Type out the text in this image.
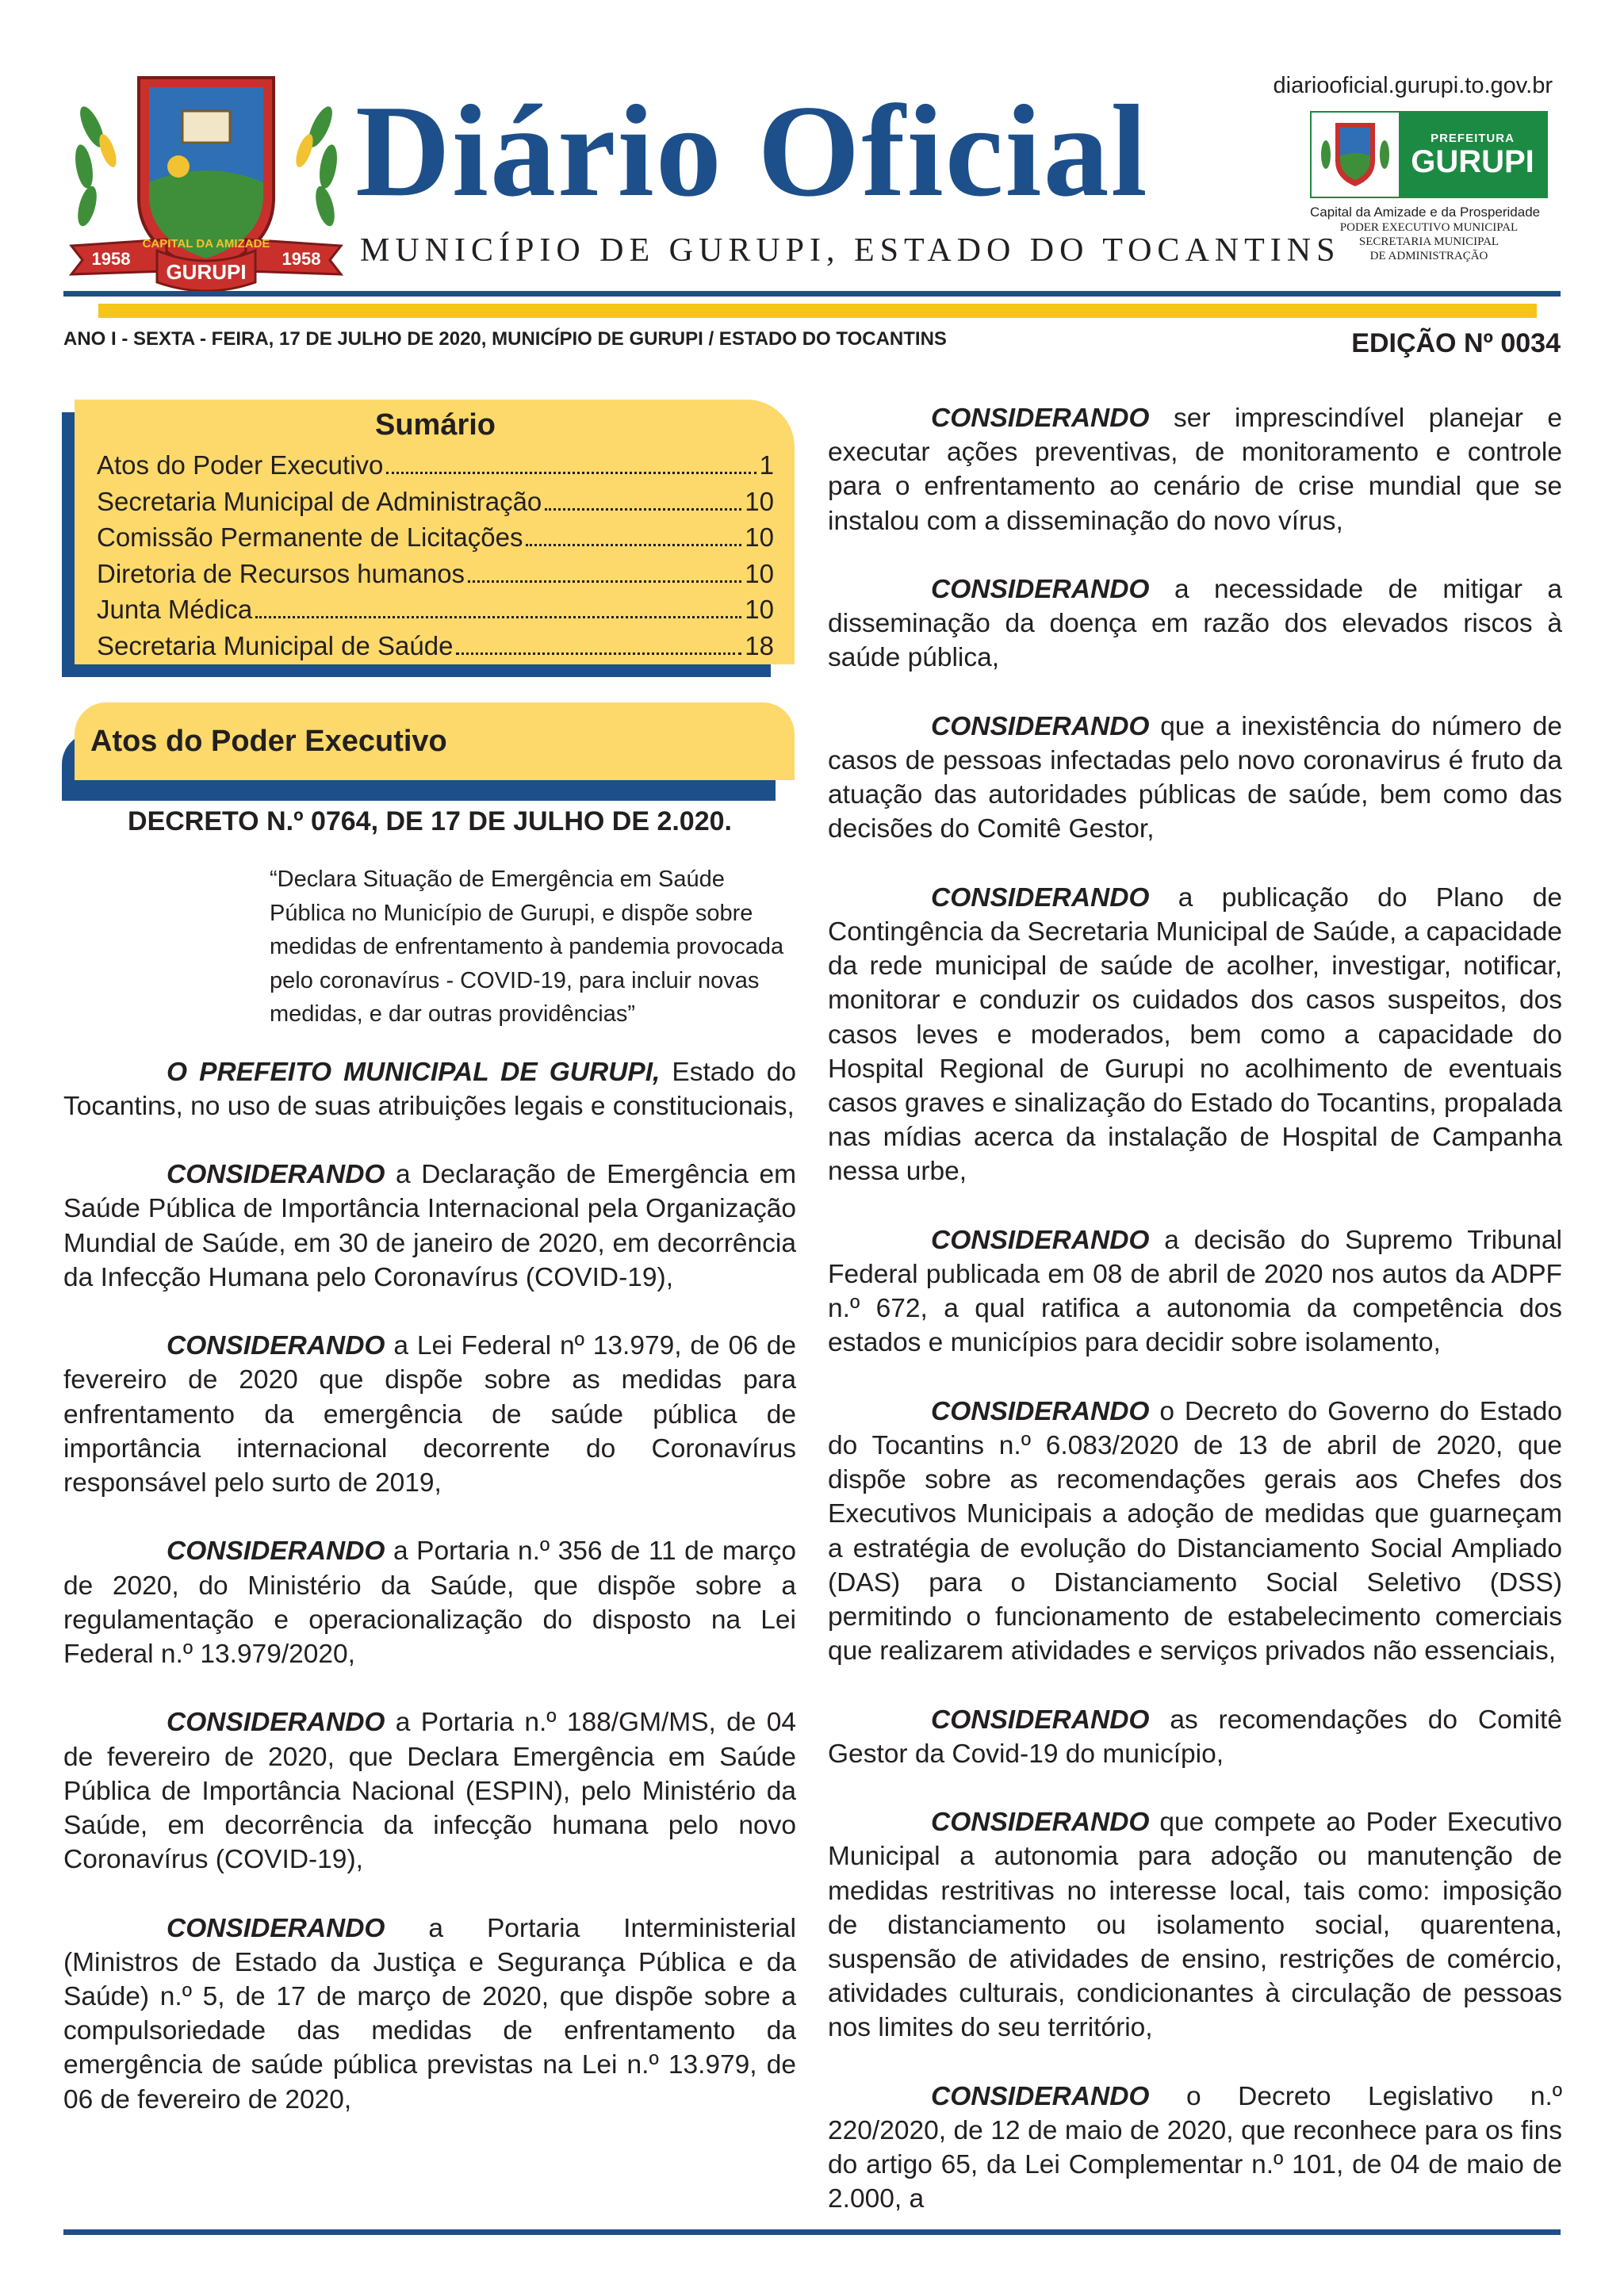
1958	1958
GURUPI
CAPITAL DA AMIZADE
diariooficial.gurupi.to.gov.br
Diário Oficial
MUNICÍPIO DE GURUPI, ESTADO DO TOCANTINS
PREFEITURA
GURUPI
Capital da Amizade e da Prosperidade
PODER EXECUTIVO MUNICIPAL
SECRETARIA MUNICIPAL
DE ADMINISTRAÇÃO
ANO I - SEXTA - FEIRA, 17 DE JULHO DE 2020, MUNICÍPIO DE GURUPI / ESTADO DO TOCANTINS	EDIÇÃO Nº 0034
Sumário
Atos do Poder Executivo	1
Secretaria Municipal de Administração	10
Comissão Permanente de Licitações	10
Diretoria de Recursos humanos	10
Junta Médica	10
Secretaria Municipal de Saúde	18
Atos do Poder Executivo
DECRETO N.º 0764, DE 17 DE JULHO DE 2.020.
“Declara Situação de Emergência em Saúde Pública no Município de Gurupi, e dispõe sobre medidas de enfrentamento à pandemia provocada pelo coronavírus - COVID-19, para incluir novas medidas, e dar outras providências”

O PREFEITO MUNICIPAL DE GURUPI, Estado do Tocantins, no uso de suas atribuições legais e constitucionais,

CONSIDERANDO a Declaração de Emergência em Saúde Pública de Importância Internacional pela Organização Mundial de Saúde, em 30 de janeiro de 2020, em decorrência da Infecção Humana pelo Coronavírus (COVID-19),

CONSIDERANDO a Lei Federal nº 13.979, de 06 de fevereiro de 2020 que dispõe sobre as medidas para enfrentamento da emergência de saúde pública de importância internacional decorrente do Coronavírus responsável pelo surto de 2019,

CONSIDERANDO a Portaria n.º 356 de 11 de março de 2020, do Ministério da Saúde, que dispõe sobre a regulamentação e operacionalização do disposto na Lei Federal n.º 13.979/2020,

CONSIDERANDO a Portaria n.º 188/GM/MS, de 04 de fevereiro de 2020, que Declara Emergência em Saúde Pública de Importância Nacional (ESPIN), pelo Ministério da Saúde, em decorrência da infecção humana pelo novo Coronavírus (COVID-19),

CONSIDERANDO a Portaria Interministerial (Ministros de Estado da Justiça e Segurança Pública e da Saúde) n.º 5, de 17 de março de 2020, que dispõe sobre a compulsoriedade das medidas de enfrentamento da emergência de saúde pública previstas na Lei n.º 13.979, de 06 de fevereiro de 2020,

CONSIDERANDO ser imprescindível planejar e executar ações preventivas, de monitoramento e controle para o enfrentamento ao cenário de crise mundial que se instalou com a disseminação do novo vírus,

CONSIDERANDO a necessidade de mitigar a disseminação da doença em razão dos elevados riscos à saúde pública,

CONSIDERANDO que a inexistência do número de casos de pessoas infectadas pelo novo coronavirus é fruto da atuação das autoridades públicas de saúde, bem como das decisões do Comitê Gestor,

CONSIDERANDO a publicação do Plano de Contingência da Secretaria Municipal de Saúde, a capacidade da rede municipal de saúde de acolher, investigar, notificar, monitorar e conduzir os cuidados dos casos suspeitos, dos casos leves e moderados, bem como a capacidade do Hospital Regional de Gurupi no acolhimento de eventuais casos graves e sinalização do Estado do Tocantins, propalada nas mídias acerca da instalação de Hospital de Campanha nessa urbe,

CONSIDERANDO a decisão do Supremo Tribunal Federal publicada em 08 de abril de 2020 nos autos da ADPF n.º 672, a qual ratifica a autonomia da competência dos estados e municípios para decidir sobre isolamento,

CONSIDERANDO o Decreto do Governo do Estado do Tocantins n.º 6.083/2020 de 13 de abril de 2020, que dispõe sobre as recomendações gerais aos Chefes dos Executivos Municipais a adoção de medidas que guarneçam a estratégia de evolução do Distanciamento Social Ampliado (DAS) para o Distanciamento Social Seletivo (DSS) permitindo o funcionamento de estabelecimento comerciais que realizarem atividades e serviços privados não essenciais,

CONSIDERANDO as recomendações do Comitê Gestor da Covid-19 do município,

CONSIDERANDO que compete ao Poder Executivo Municipal a autonomia para adoção ou manutenção de medidas restritivas no interesse local, tais como: imposição de distanciamento ou isolamento social, quarentena, suspensão de atividades de ensino, restrições de comércio, atividades culturais, condicionantes à circulação de pessoas nos limites do seu território,

CONSIDERANDO o Decreto Legislativo n.º 220/2020, de 12 de maio de 2020, que reconhece para os fins do artigo 65, da Lei Complementar n.º 101, de 04 de maio de 2.000, a
